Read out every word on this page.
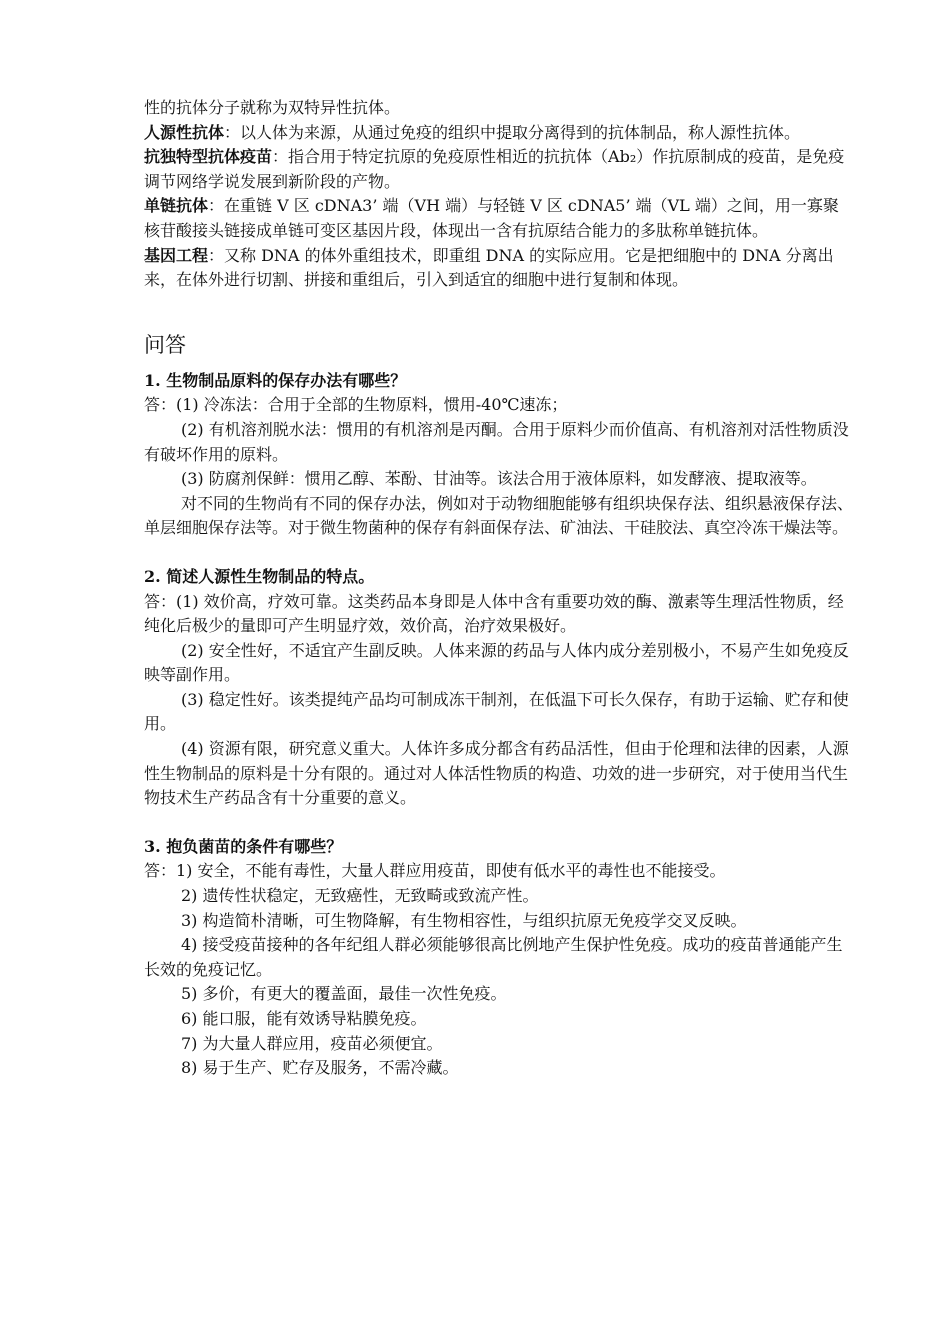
性的抗体分子就称为双特异性抗体。

人源性抗体：以人体为来源，从通过免疫的组织中提取分离得到的抗体制品，称人源性抗体。

抗独特型抗体疫苗：指合用于特定抗原的免疫原性相近的抗抗体（Ab₂）作抗原制成的疫苗，是免疫调节网络学说发展到新阶段的产物。

单链抗体：在重链 V 区 cDNA3’ 端（VH 端）与轻链 V 区 cDNA5’ 端（VL 端）之间，用一寡聚核苷酸接头链接成单链可变区基因片段，体现出一含有抗原结合能力的多肽称单链抗体。

基因工程：又称 DNA 的体外重组技术，即重组 DNA 的实际应用。它是把细胞中的 DNA 分离出来，在体外进行切割、拼接和重组后，引入到适宜的细胞中进行复制和体现。

问答

1. 生物制品原料的保存办法有哪些？

答：(1) 冷冻法：合用于全部的生物原料，惯用-40℃速冻；

(2) 有机溶剂脱水法：惯用的有机溶剂是丙酮。合用于原料少而价值高、有机溶剂对活性物质没有破坏作用的原料。

(3) 防腐剂保鲜：惯用乙醇、苯酚、甘油等。该法合用于液体原料，如发酵液、提取液等。

对不同的生物尚有不同的保存办法，例如对于动物细胞能够有组织块保存法、组织悬液保存法、单层细胞保存法等。对于微生物菌种的保存有斜面保存法、矿油法、干硅胶法、真空冷冻干燥法等。

2. 简述人源性生物制品的特点。

答：(1) 效价高，疗效可靠。这类药品本身即是人体中含有重要功效的酶、激素等生理活性物质，经纯化后极少的量即可产生明显疗效，效价高，治疗效果极好。

(2) 安全性好，不适宜产生副反映。人体来源的药品与人体内成分差别极小，不易产生如免疫反映等副作用。

(3) 稳定性好。该类提纯产品均可制成冻干制剂，在低温下可长久保存，有助于运输、贮存和使用。

(4) 资源有限，研究意义重大。人体许多成分都含有药品活性，但由于伦理和法律的因素，人源性生物制品的原料是十分有限的。通过对人体活性物质的构造、功效的进一步研究，对于使用当代生物技术生产药品含有十分重要的意义。

3. 抱负菌苗的条件有哪些？

答：1) 安全，不能有毒性，大量人群应用疫苗，即使有低水平的毒性也不能接受。

2) 遗传性状稳定，无致癌性，无致畸或致流产性。

3) 构造简朴清晰，可生物降解，有生物相容性，与组织抗原无免疫学交叉反映。

4) 接受疫苗接种的各年纪组人群必须能够很高比例地产生保护性免疫。成功的疫苗普通能产生长效的免疫记忆。

5) 多价，有更大的覆盖面，最佳一次性免疫。

6) 能口服，能有效诱导粘膜免疫。

7) 为大量人群应用，疫苗必须便宜。

8) 易于生产、贮存及服务，不需冷藏。
